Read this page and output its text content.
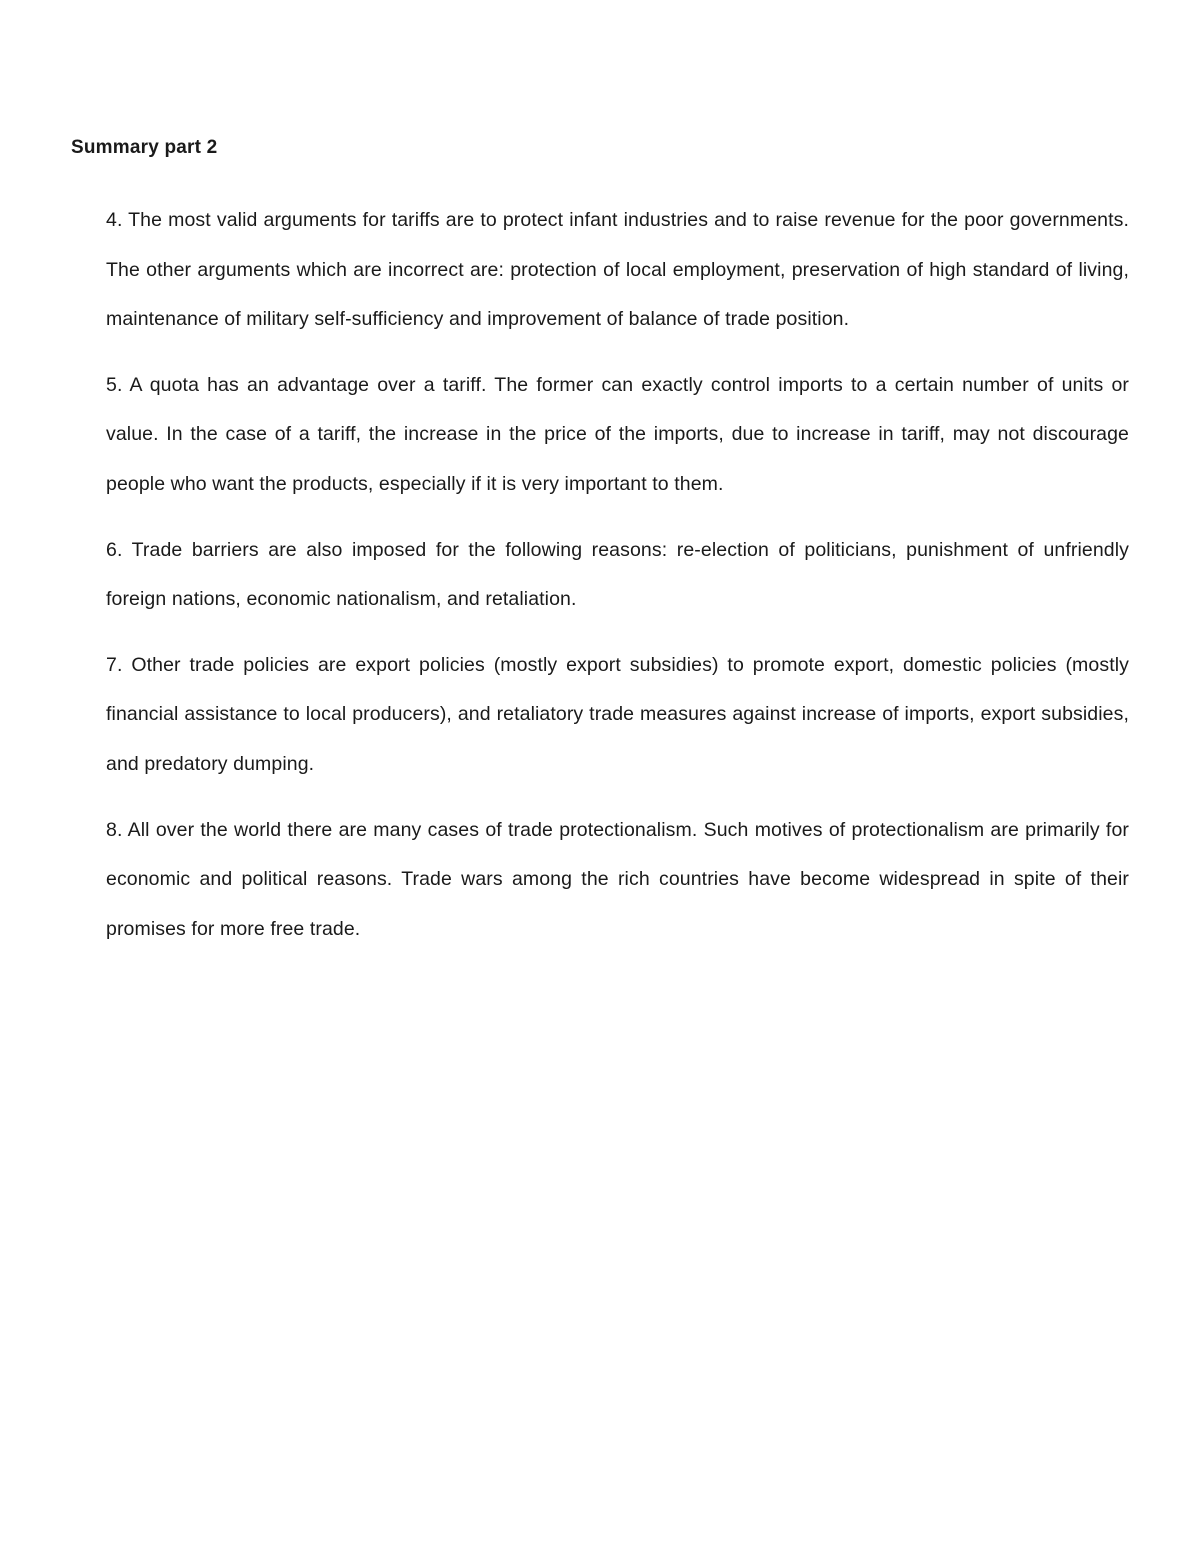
Summary part 2

4. The most valid arguments for tariffs are to protect infant industries and to raise revenue for the poor governments. The other arguments which are incorrect are: protection of local employment, preservation of high standard of living, maintenance of military self-sufficiency and improvement of balance of trade position.

5. A quota has an advantage over a tariff. The former can exactly control imports to a certain number of units or value. In the case of a tariff, the increase in the price of the imports, due to increase in tariff, may not discourage people who want the products, especially if it is very important to them.

6. Trade barriers are also imposed for the following reasons: re-election of politicians, punishment of unfriendly foreign nations, economic nationalism, and retaliation.

7. Other trade policies are export policies (mostly export subsidies) to promote export, domestic policies (mostly financial assistance to local producers), and retaliatory trade measures against increase of imports, export subsidies, and predatory dumping.

8. All over the world there are many cases of trade protectionalism. Such motives of protectionalism are primarily for economic and political reasons. Trade wars among the rich countries have become widespread in spite of their promises for more free trade.
